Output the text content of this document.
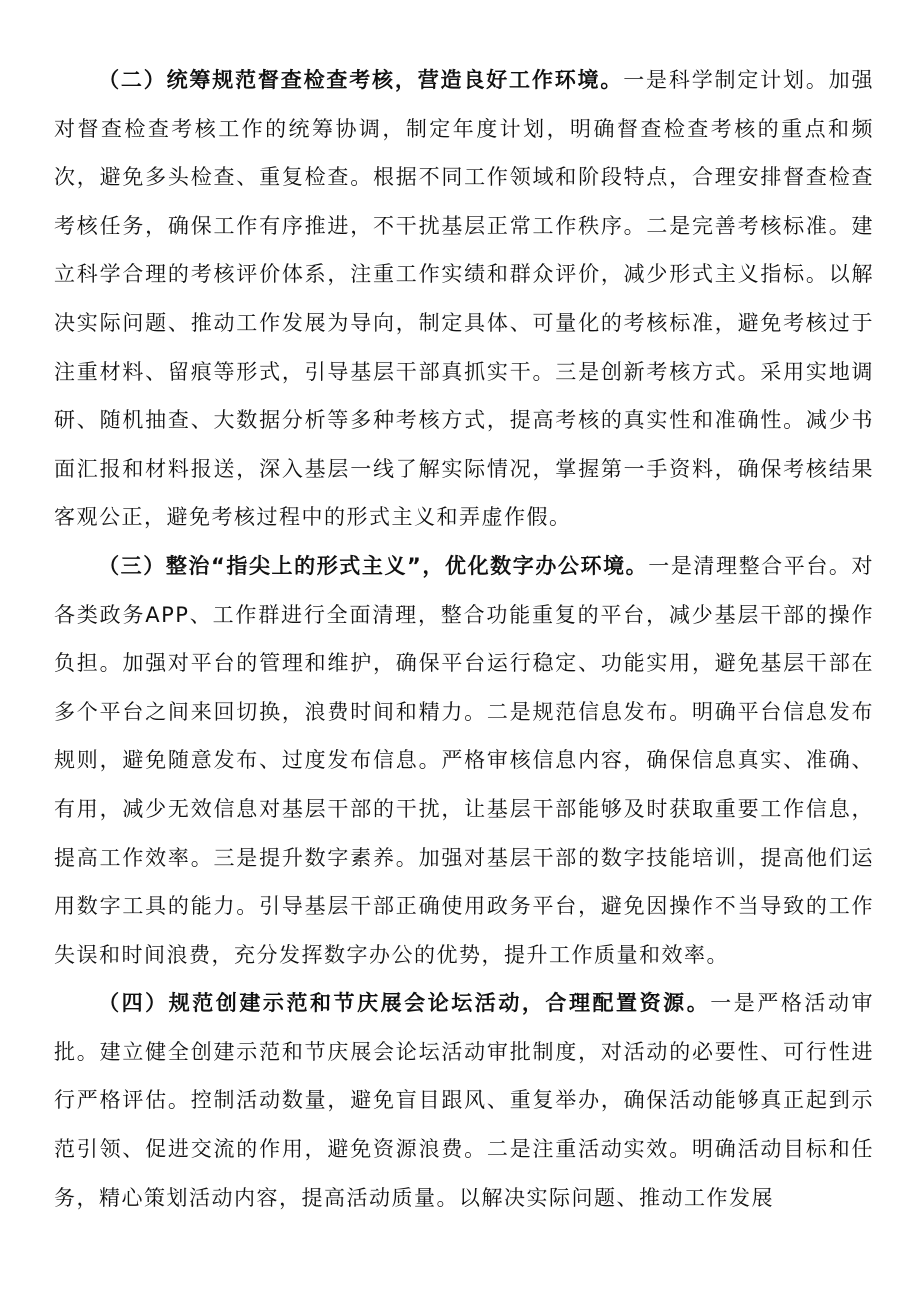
（二）统筹规范督查检查考核，营造良好工作环境。一是科学制定计划。加强对督查检查考核工作的统筹协调，制定年度计划，明确督查检查考核的重点和频次，避免多头检查、重复检查。根据不同工作领域和阶段特点，合理安排督查检查考核任务，确保工作有序推进，不干扰基层正常工作秩序。二是完善考核标准。建立科学合理的考核评价体系，注重工作实绩和群众评价，减少形式主义指标。以解决实际问题、推动工作发展为导向，制定具体、可量化的考核标准，避免考核过于注重材料、留痕等形式，引导基层干部真抓实干。三是创新考核方式。采用实地调研、随机抽查、大数据分析等多种考核方式，提高考核的真实性和准确性。减少书面汇报和材料报送，深入基层一线了解实际情况，掌握第一手资料，确保考核结果客观公正，避免考核过程中的形式主义和弄虚作假。

（三）整治“指尖上的形式主义”，优化数字办公环境。一是清理整合平台。对各类政务APP、工作群进行全面清理，整合功能重复的平台，减少基层干部的操作负担。加强对平台的管理和维护，确保平台运行稳定、功能实用，避免基层干部在多个平台之间来回切换，浪费时间和精力。二是规范信息发布。明确平台信息发布规则，避免随意发布、过度发布信息。严格审核信息内容，确保信息真实、准确、有用，减少无效信息对基层干部的干扰，让基层干部能够及时获取重要工作信息，提高工作效率。三是提升数字素养。加强对基层干部的数字技能培训，提高他们运用数字工具的能力。引导基层干部正确使用政务平台，避免因操作不当导致的工作失误和时间浪费，充分发挥数字办公的优势，提升工作质量和效率。

（四）规范创建示范和节庆展会论坛活动，合理配置资源。一是严格活动审批。建立健全创建示范和节庆展会论坛活动审批制度，对活动的必要性、可行性进行严格评估。控制活动数量，避免盲目跟风、重复举办，确保活动能够真正起到示范引领、促进交流的作用，避免资源浪费。二是注重活动实效。明确活动目标和任务，精心策划活动内容，提高活动质量。以解决实际问题、推动工作发展
